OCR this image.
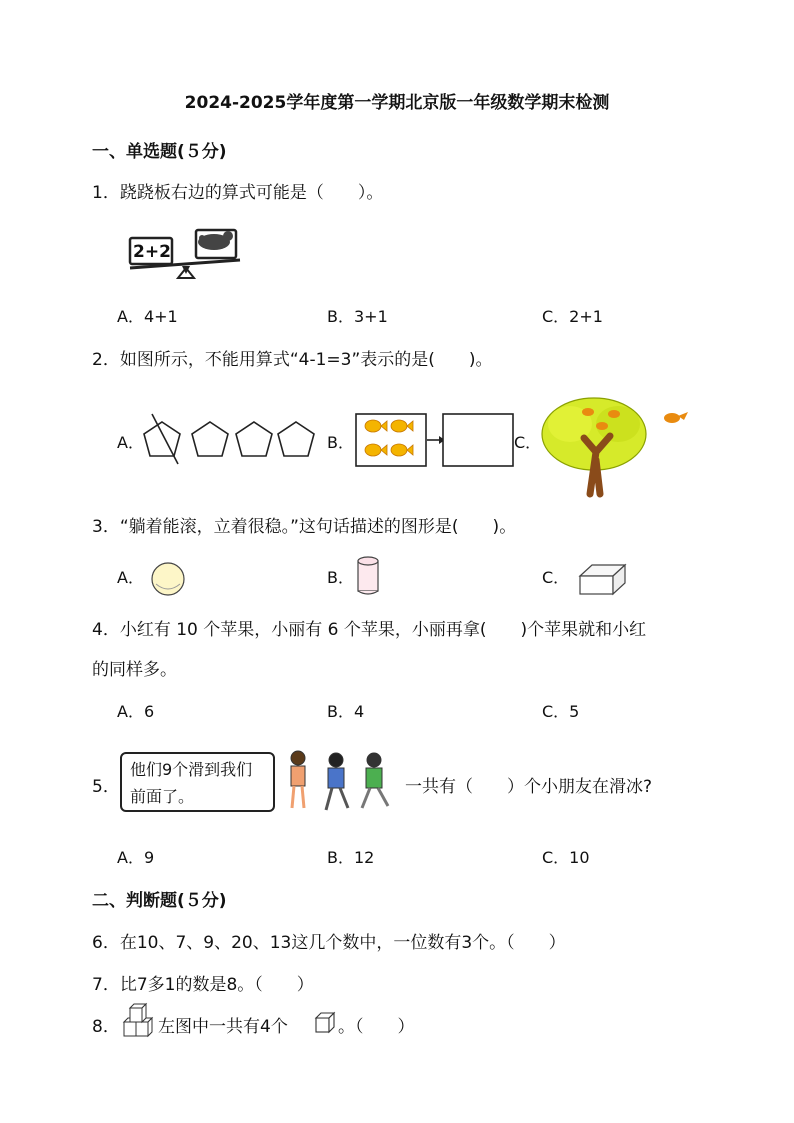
2024-2025学年度第一学期北京版一年级数学期末检测
一、单选题(５分)
1．跷跷板右边的算式可能是（　　）。
2+2
A．4+1	B．3+1	C．2+1
2．如图所示，不能用算式“4-1=3”表示的是(　　)。
A．	B．	C．
3．“躺着能滚，立着很稳。”这句话描述的图形是(　　)。
A．	B．	C．
4．小红有 10 个苹果，小丽有 6 个苹果，小丽再拿(　　)个苹果就和小红
的同样多。
A．6	B．4	C．5
5．
他们9个滑到我们
前面了。	一共有（　　）个小朋友在滑冰?
A．9	B．12	C．10
二、判断题(５分)
6．在10、7、9、20、13这几个数中，一位数有3个。（　　）
7．比7多1的数是8。（　　）
8． 左图中一共有4个	。（　　）
